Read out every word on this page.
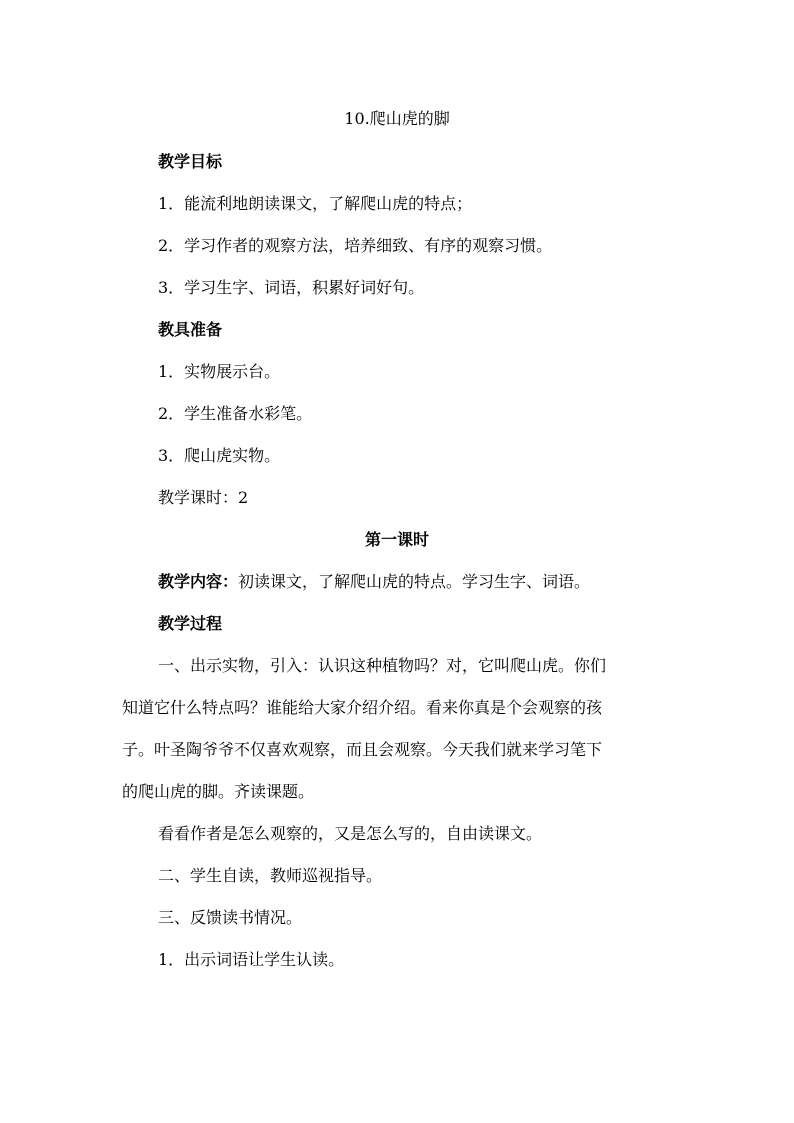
10.爬山虎的脚
教学目标
1．能流利地朗读课文，了解爬山虎的特点；
2．学习作者的观察方法，培养细致、有序的观察习惯。
3．学习生字、词语，积累好词好句。
教具准备
1．实物展示台。
2．学生准备水彩笔。
3．爬山虎实物。
教学课时：2
第一课时
教学内容：初读课文，了解爬山虎的特点。学习生字、词语。
教学过程
一、出示实物，引入：认识这种植物吗？对，它叫爬山虎。你们
知道它什么特点吗？谁能给大家介绍介绍。看来你真是个会观察的孩
子。叶圣陶爷爷不仅喜欢观察，而且会观察。今天我们就来学习笔下
的爬山虎的脚。齐读课题。
看看作者是怎么观察的，又是怎么写的，自由读课文。
二、学生自读，教师巡视指导。
三、反馈读书情况。
1．出示词语让学生认读。
